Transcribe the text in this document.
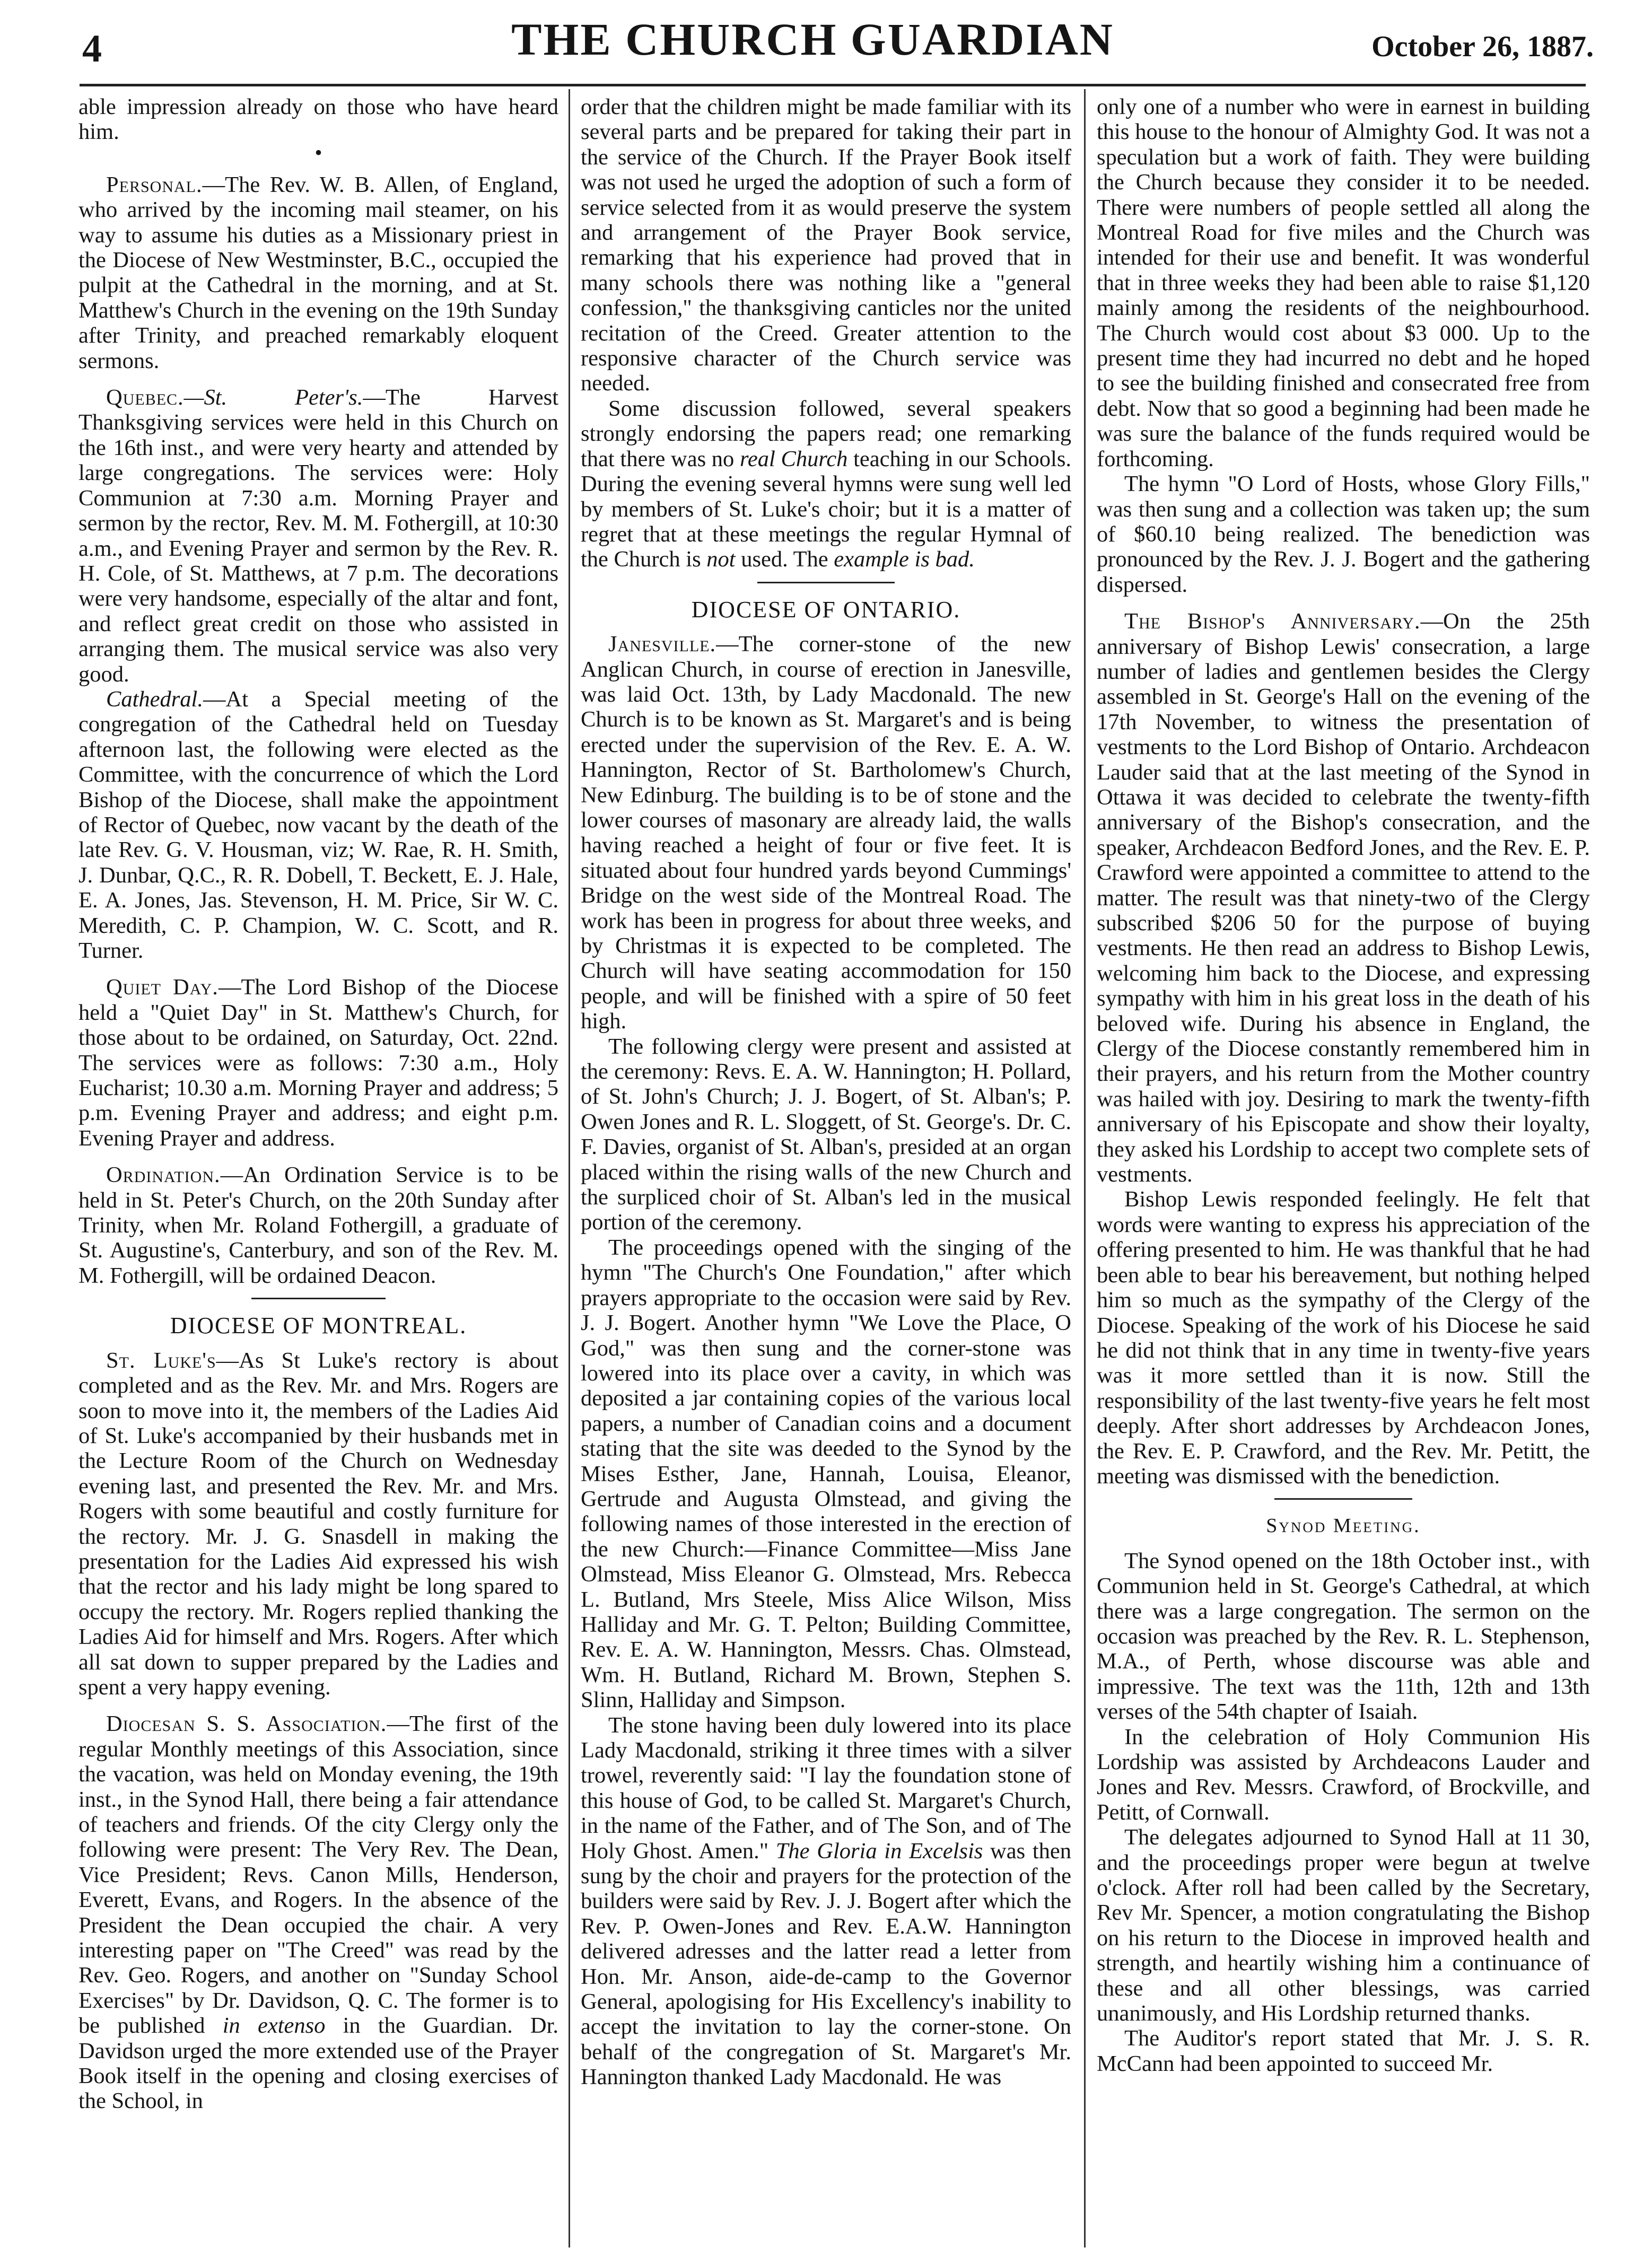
4	THE CHURCH GUARDIAN	October 26, 1887.

able impression already on those who have heard him.

•

Personal.—The Rev. W. B. Allen, of England, who arrived by the incoming mail steamer, on his way to assume his duties as a Missionary priest in the Diocese of New Westminster, B.C., occupied the pulpit at the Cathedral in the morning, and at St. Matthew's Church in the evening on the 19th Sunday after Trinity, and preached remarkably eloquent sermons.

Quebec.—St. Peter's.—The Harvest Thanksgiving services were held in this Church on the 16th inst., and were very hearty and attended by large congregations. The services were: Holy Communion at 7:30 a.m. Morning Prayer and sermon by the rector, Rev. M. M. Fothergill, at 10:30 a.m., and Evening Prayer and sermon by the Rev. R. H. Cole, of St. Matthews, at 7 p.m. The decorations were very handsome, especially of the altar and font, and reflect great credit on those who assisted in arranging them. The musical service was also very good.

Cathedral.—At a Special meeting of the congregation of the Cathedral held on Tuesday afternoon last, the following were elected as the Committee, with the concurrence of which the Lord Bishop of the Diocese, shall make the appointment of Rector of Quebec, now vacant by the death of the late Rev. G. V. Housman, viz; W. Rae, R. H. Smith, J. Dunbar, Q.C., R. R. Dobell, T. Beckett, E. J. Hale, E. A. Jones, Jas. Stevenson, H. M. Price, Sir W. C. Meredith, C. P. Champion, W. C. Scott, and R. Turner.

Quiet Day.—The Lord Bishop of the Diocese held a "Quiet Day" in St. Matthew's Church, for those about to be ordained, on Saturday, Oct. 22nd. The services were as follows: 7:30 a.m., Holy Eucharist; 10.30 a.m. Morning Prayer and address; 5 p.m. Evening Prayer and address; and eight p.m. Evening Prayer and address.

Ordination.—An Ordination Service is to be held in St. Peter's Church, on the 20th Sunday after Trinity, when Mr. Roland Fothergill, a graduate of St. Augustine's, Canterbury, and son of the Rev. M. M. Fothergill, will be ordained Deacon.

DIOCESE OF MONTREAL.

St. Luke's—As St Luke's rectory is about completed and as the Rev. Mr. and Mrs. Rogers are soon to move into it, the members of the Ladies Aid of St. Luke's accompanied by their husbands met in the Lecture Room of the Church on Wednesday evening last, and presented the Rev. Mr. and Mrs. Rogers with some beautiful and costly furniture for the rectory. Mr. J. G. Snasdell in making the presentation for the Ladies Aid expressed his wish that the rector and his lady might be long spared to occupy the rectory. Mr. Rogers replied thanking the Ladies Aid for himself and Mrs. Rogers. After which all sat down to supper prepared by the Ladies and spent a very happy evening.

Diocesan S. S. Association.—The first of the regular Monthly meetings of this Association, since the vacation, was held on Monday evening, the 19th inst., in the Synod Hall, there being a fair attendance of teachers and friends. Of the city Clergy only the following were present: The Very Rev. The Dean, Vice President; Revs. Canon Mills, Henderson, Everett, Evans, and Rogers. In the absence of the President the Dean occupied the chair. A very interesting paper on "The Creed" was read by the Rev. Geo. Rogers, and another on "Sunday School Exercises" by Dr. Davidson, Q. C. The former is to be published in extenso in the Guardian. Dr. Davidson urged the more extended use of the Prayer Book itself in the opening and closing exercises of the School, in

order that the children might be made familiar with its several parts and be prepared for taking their part in the service of the Church. If the Prayer Book itself was not used he urged the adoption of such a form of service selected from it as would preserve the system and arrangement of the Prayer Book service, remarking that his experience had proved that in many schools there was nothing like a "general confession," the thanksgiving canticles nor the united recitation of the Creed. Greater attention to the responsive character of the Church service was needed.

Some discussion followed, several speakers strongly endorsing the papers read; one remarking that there was no real Church teaching in our Schools. During the evening several hymns were sung well led by members of St. Luke's choir; but it is a matter of regret that at these meetings the regular Hymnal of the Church is not used. The example is bad.

DIOCESE OF ONTARIO.

Janesville.—The corner-stone of the new Anglican Church, in course of erection in Janesville, was laid Oct. 13th, by Lady Macdonald. The new Church is to be known as St. Margaret's and is being erected under the supervision of the Rev. E. A. W. Hannington, Rector of St. Bartholomew's Church, New Edinburg. The building is to be of stone and the lower courses of masonary are already laid, the walls having reached a height of four or five feet. It is situated about four hundred yards beyond Cummings' Bridge on the west side of the Montreal Road. The work has been in progress for about three weeks, and by Christmas it is expected to be completed. The Church will have seating accommodation for 150 people, and will be finished with a spire of 50 feet high.

The following clergy were present and assisted at the ceremony: Revs. E. A. W. Hannington; H. Pollard, of St. John's Church; J. J. Bogert, of St. Alban's; P. Owen Jones and R. L. Sloggett, of St. George's. Dr. C. F. Davies, organist of St. Alban's, presided at an organ placed within the rising walls of the new Church and the surpliced choir of St. Alban's led in the musical portion of the ceremony.

The proceedings opened with the singing of the hymn "The Church's One Foundation," after which prayers appropriate to the occasion were said by Rev. J. J. Bogert. Another hymn "We Love the Place, O God," was then sung and the corner-stone was lowered into its place over a cavity, in which was deposited a jar containing copies of the various local papers, a number of Canadian coins and a document stating that the site was deeded to the Synod by the Mises Esther, Jane, Hannah, Louisa, Eleanor, Gertrude and Augusta Olmstead, and giving the following names of those interested in the erection of the new Church:—Finance Committee—Miss Jane Olmstead, Miss Eleanor G. Olmstead, Mrs. Rebecca L. Butland, Mrs Steele, Miss Alice Wilson, Miss Halliday and Mr. G. T. Pelton; Building Committee, Rev. E. A. W. Hannington, Messrs. Chas. Olmstead, Wm. H. Butland, Richard M. Brown, Stephen S. Slinn, Halliday and Simpson.

The stone having been duly lowered into its place Lady Macdonald, striking it three times with a silver trowel, reverently said: "I lay the foundation stone of this house of God, to be called St. Margaret's Church, in the name of the Father, and of The Son, and of The Holy Ghost. Amen." The Gloria in Excelsis was then sung by the choir and prayers for the protection of the builders were said by Rev. J. J. Bogert after which the Rev. P. Owen-Jones and Rev. E.A.W. Hannington delivered adresses and the latter read a letter from Hon. Mr. Anson, aide-de-camp to the Governor General, apologising for His Excellency's inability to accept the invitation to lay the corner-stone. On behalf of the congregation of St. Margaret's Mr. Hannington thanked Lady Macdonald. He was

only one of a number who were in earnest in building this house to the honour of Almighty God. It was not a speculation but a work of faith. They were building the Church because they consider it to be needed. There were numbers of people settled all along the Montreal Road for five miles and the Church was intended for their use and benefit. It was wonderful that in three weeks they had been able to raise $1,120 mainly among the residents of the neighbourhood. The Church would cost about $3 000. Up to the present time they had incurred no debt and he hoped to see the building finished and consecrated free from debt. Now that so good a beginning had been made he was sure the balance of the funds required would be forthcoming.

The hymn "O Lord of Hosts, whose Glory Fills," was then sung and a collection was taken up; the sum of $60.10 being realized. The benediction was pronounced by the Rev. J. J. Bogert and the gathering dispersed.

The Bishop's Anniversary.—On the 25th anniversary of Bishop Lewis' consecration, a large number of ladies and gentlemen besides the Clergy assembled in St. George's Hall on the evening of the 17th November, to witness the presentation of vestments to the Lord Bishop of Ontario. Archdeacon Lauder said that at the last meeting of the Synod in Ottawa it was decided to celebrate the twenty-fifth anniversary of the Bishop's consecration, and the speaker, Archdeacon Bedford Jones, and the Rev. E. P. Crawford were appointed a committee to attend to the matter. The result was that ninety-two of the Clergy subscribed $206 50 for the purpose of buying vestments. He then read an address to Bishop Lewis, welcoming him back to the Diocese, and expressing sympathy with him in his great loss in the death of his beloved wife. During his absence in England, the Clergy of the Diocese constantly remembered him in their prayers, and his return from the Mother country was hailed with joy. Desiring to mark the twenty-fifth anniversary of his Episcopate and show their loyalty, they asked his Lordship to accept two complete sets of vestments.

Bishop Lewis responded feelingly. He felt that words were wanting to express his appreciation of the offering presented to him. He was thankful that he had been able to bear his bereavement, but nothing helped him so much as the sympathy of the Clergy of the Diocese. Speaking of the work of his Diocese he said he did not think that in any time in twenty-five years was it more settled than it is now. Still the responsibility of the last twenty-five years he felt most deeply. After short addresses by Archdeacon Jones, the Rev. E. P. Crawford, and the Rev. Mr. Petitt, the meeting was dismissed with the benediction.

Synod Meeting.

The Synod opened on the 18th October inst., with Communion held in St. George's Cathedral, at which there was a large congregation. The sermon on the occasion was preached by the Rev. R. L. Stephenson, M.A., of Perth, whose discourse was able and impressive. The text was the 11th, 12th and 13th verses of the 54th chapter of Isaiah.

In the celebration of Holy Communion His Lordship was assisted by Archdeacons Lauder and Jones and Rev. Messrs. Crawford, of Brockville, and Petitt, of Cornwall.

The delegates adjourned to Synod Hall at 11 30, and the proceedings proper were begun at twelve o'clock. After roll had been called by the Secretary, Rev Mr. Spencer, a motion congratulating the Bishop on his return to the Diocese in improved health and strength, and heartily wishing him a continuance of these and all other blessings, was carried unanimously, and His Lordship returned thanks.

The Auditor's report stated that Mr. J. S. R. McCann had been appointed to succeed Mr.
